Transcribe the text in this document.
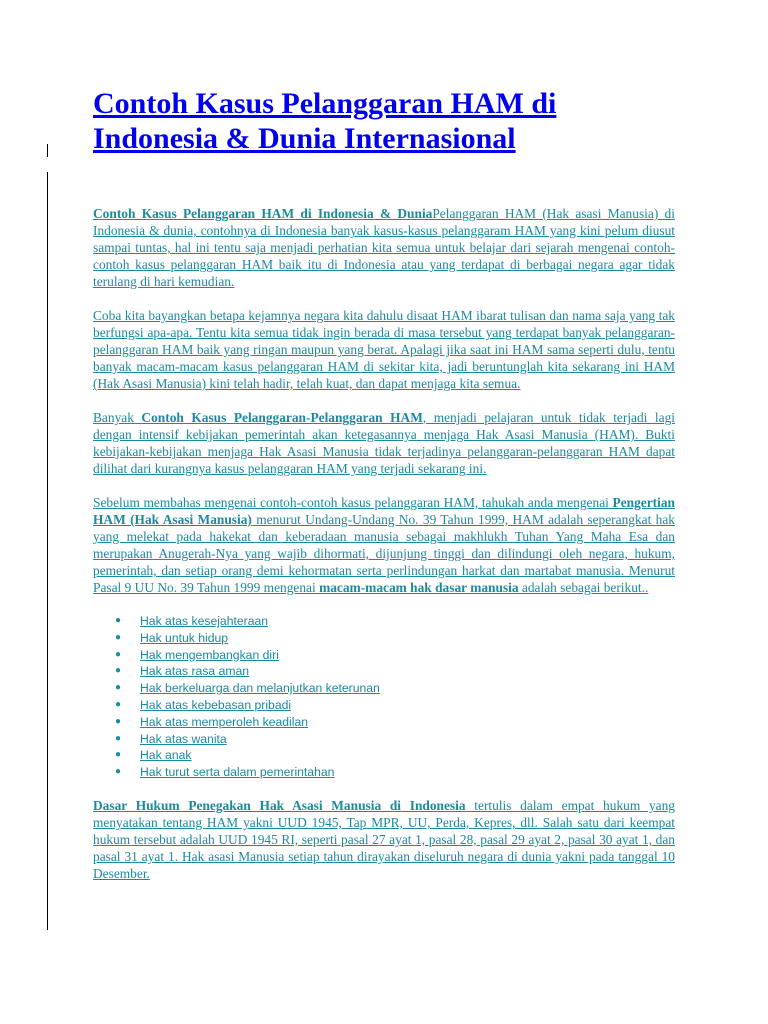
Contoh Kasus Pelanggaran HAM di Indonesia & Dunia Internasional

Contoh Kasus Pelanggaran HAM di Indonesia & DuniaPelanggaran HAM (Hak asasi Manusia) di Indonesia & dunia, contohnya di Indonesia banyak kasus-kasus pelanggaram HAM yang kini pelum diusut sampai tuntas, hal ini tentu saja menjadi perhatian kita semua untuk belajar dari sejarah mengenai contoh-contoh kasus pelanggaran HAM baik itu di Indonesia atau yang terdapat di berbagai negara agar tidak terulang di hari kemudian.

Coba kita bayangkan betapa kejamnya negara kita dahulu disaat HAM ibarat tulisan dan nama saja yang tak berfungsi apa-apa. Tentu kita semua tidak ingin berada di masa tersebut yang terdapat banyak pelanggaran-pelanggaran HAM baik yang ringan maupun yang berat. Apalagi jika saat ini HAM sama seperti dulu, tentu banyak macam-macam kasus pelanggaran HAM di sekitar kita, jadi beruntunglah kita sekarang ini HAM (Hak Asasi Manusia) kini telah hadir, telah kuat, dan dapat menjaga kita semua.

Banyak Contoh Kasus Pelanggaran-Pelanggaran HAM, menjadi pelajaran untuk tidak terjadi lagi dengan intensif kebijakan pemerintah akan ketegasannya menjaga Hak Asasi Manusia (HAM). Bukti kebijakan-kebijakan menjaga Hak Asasi Manusia tidak terjadinya pelanggaran-pelanggaran HAM dapat dilihat dari kurangnya kasus pelanggaran HAM yang terjadi sekarang ini.

Sebelum membahas mengenai contoh-contoh kasus pelanggaran HAM, tahukah anda mengenai Pengertian HAM (Hak Asasi Manusia) menurut Undang-Undang No. 39 Tahun 1999, HAM adalah seperangkat hak yang melekat pada hakekat dan keberadaan manusia sebagai makhlukh Tuhan Yang Maha Esa dan merupakan Anugerah-Nya yang wajib dihormati, dijunjung tinggi dan dilindungi oleh negara, hukum, pemerintah, dan setiap orang demi kehormatan serta perlindungan harkat dan martabat manusia. Menurut Pasal 9 UU No. 39 Tahun 1999 mengenai macam-macam hak dasar manusia adalah sebagai berikut..

● Hak atas kesejahteraan
● Hak untuk hidup
● Hak mengembangkan diri
● Hak atas rasa aman
● Hak berkeluarga dan melanjutkan keterunan
● Hak atas kebebasan pribadi
● Hak atas memperoleh keadilan
● Hak atas wanita
● Hak anak
● Hak turut serta dalam pemerintahan

Dasar Hukum Penegakan Hak Asasi Manusia di Indonesia tertulis dalam empat hukum yang menyatakan tentang HAM yakni UUD 1945, Tap MPR, UU, Perda, Kepres, dll. Salah satu dari keempat hukum tersebut adalah UUD 1945 RI, seperti pasal 27 ayat 1, pasal 28, pasal 29 ayat 2, pasal 30 ayat 1, dan pasal 31 ayat 1. Hak asasi Manusia setiap tahun dirayakan diseluruh negara di dunia yakni pada tanggal 10 Desember.
